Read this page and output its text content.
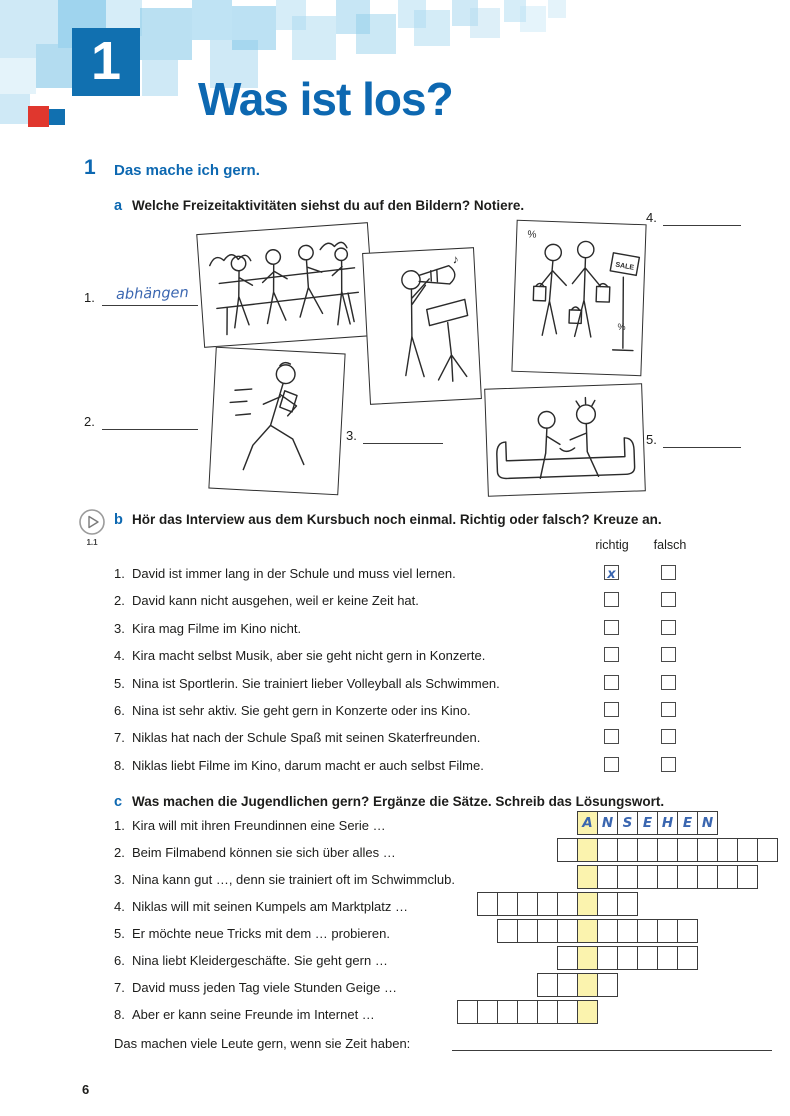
1
Was ist los?
1 Das mache ich gern.
a Welche Freizeitaktivitäten siehst du auf den Bildern? Notiere.
♪	SALE
%
%
1. abhängen
2.
3.
4.
5.
1.1
b Hör das Interview aus dem Kursbuch noch einmal. Richtig oder falsch? Kreuze an.
richtig	falsch
1. David ist immer lang in der Schule und muss viel lernen.	x
2. David kann nicht ausgehen, weil er keine Zeit hat.
3. Kira mag Filme im Kino nicht.
4. Kira macht selbst Musik, aber sie geht nicht gern in Konzerte.
5. Nina ist Sportlerin. Sie trainiert lieber Volleyball als Schwimmen.
6. Nina ist sehr aktiv. Sie geht gern in Konzerte oder ins Kino.
7. Niklas hat nach der Schule Spaß mit seinen Skaterfreunden.
8. Niklas liebt Filme im Kino, darum macht er auch selbst Filme.
c Was machen die Jugendlichen gern? Ergänze die Sätze. Schreib das Lösungswort.
1. Kira will mit ihren Freundinnen eine Serie …
2. Beim Filmabend können sie sich über alles …
3. Nina kann gut …, denn sie trainiert oft im Schwimmclub.
4. Niklas will mit seinen Kumpels am Marktplatz …
5. Er möchte neue Tricks mit dem … probieren.
6. Nina liebt Kleidergeschäfte. Sie geht gern …
7. David muss jeden Tag viele Stunden Geige …
8. Aber er kann seine Freunde im Internet …
A N S E H E N
Das machen viele Leute gern, wenn sie Zeit haben:
6
